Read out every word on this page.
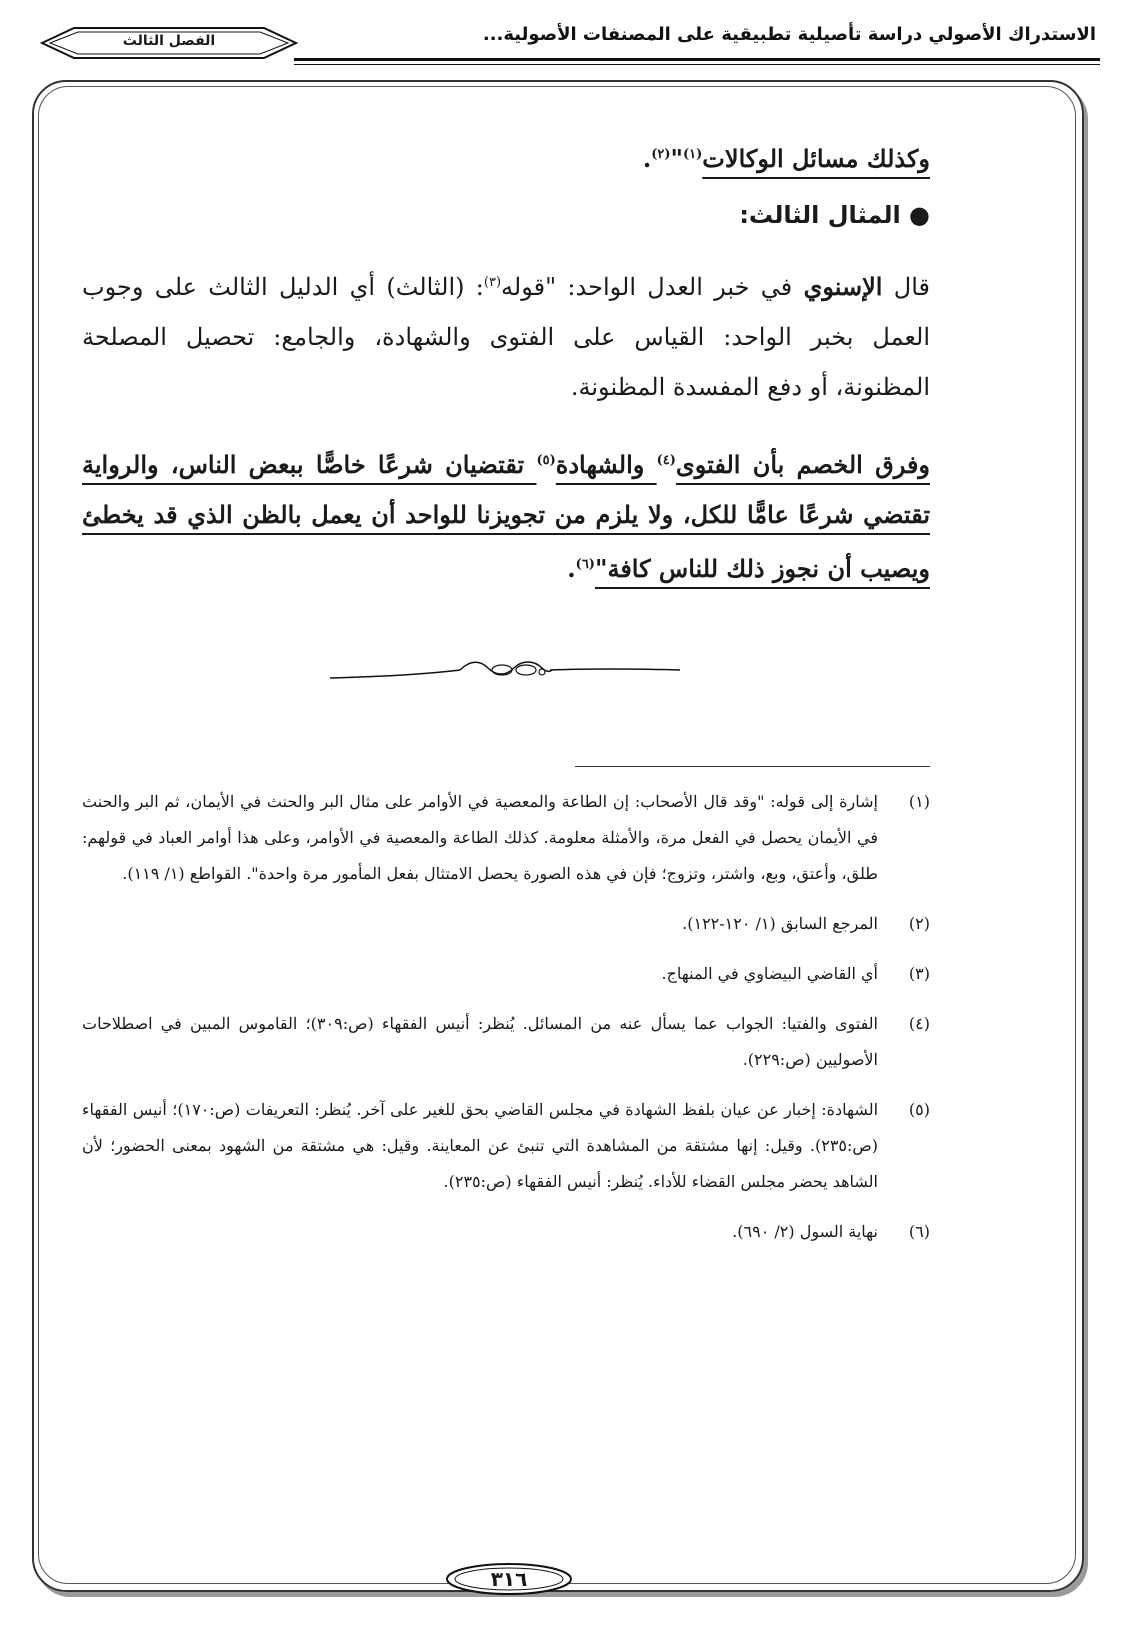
الاستدراك الأصولي دراسة تأصيلية تطبيقية على المصنفات الأصولية...
الفصل الثالث
وكذلك مسائل الوكالات$^{(١)}$"$^{(٢)}$.
● المثال الثالث:
قال الإسنوي في خبر العدل الواحد: "قوله$^{(٣)}$: (الثالث) أي الدليل الثالث على وجوب العمل بخبر الواحد: القياس على الفتوى والشهادة، والجامع: تحصيل المصلحة المظنونة، أو دفع المفسدة المظنونة.
وفرق الخصم بأن الفتوى$^{(٤)}$ والشهادة$^{(٥)}$ تقتضيان شرعًا خاصًّا ببعض الناس، والرواية تقتضي شرعًا عامًّا للكل، ولا يلزم من تجويزنا للواحد أن يعمل بالظن الذي قد يخطئ ويصيب أن نجوز ذلك للناس كافة"$^{(٦)}$.
(١)
إشارة إلى قوله: "وقد قال الأصحاب: إن الطاعة والمعصية في الأوامر على مثال البر والحنث في الأيمان، ثم البر والحنث في الأيمان يحصل في الفعل مرة، والأمثلة معلومة. كذلك الطاعة والمعصية في الأوامر، وعلى هذا أوامر العباد في قولهم: طلق، وأعتق، وبع، واشتر، وتزوج؛ فإن في هذه الصورة يحصل الامتثال بفعل المأمور مرة واحدة". القواطع (١/ ١١٩).
(٢)
المرجع السابق (١/ ١٢٠-١٢٢).
(٣)
أي القاضي البيضاوي في المنهاج.
(٤)
الفتوى والفتيا: الجواب عما يسأل عنه من المسائل. يُنظر: أنيس الفقهاء (ص:٣٠٩)؛ القاموس المبين في اصطلاحات الأصوليين (ص:٢٢٩).
(٥)
الشهادة: إخبار عن عيان بلفظ الشهادة في مجلس القاضي بحق للغير على آخر. يُنظر: التعريفات (ص:١٧٠)؛ أنيس الفقهاء (ص:٢٣٥). وقيل: إنها مشتقة من المشاهدة التي تنبئ عن المعاينة. وقيل: هي مشتقة من الشهود بمعنى الحضور؛ لأن الشاهد يحضر مجلس القضاء للأداء. يُنظر: أنيس الفقهاء (ص:٢٣٥).
(٦)
نهاية السول (٢/ ٦٩٠).
٣١٦
